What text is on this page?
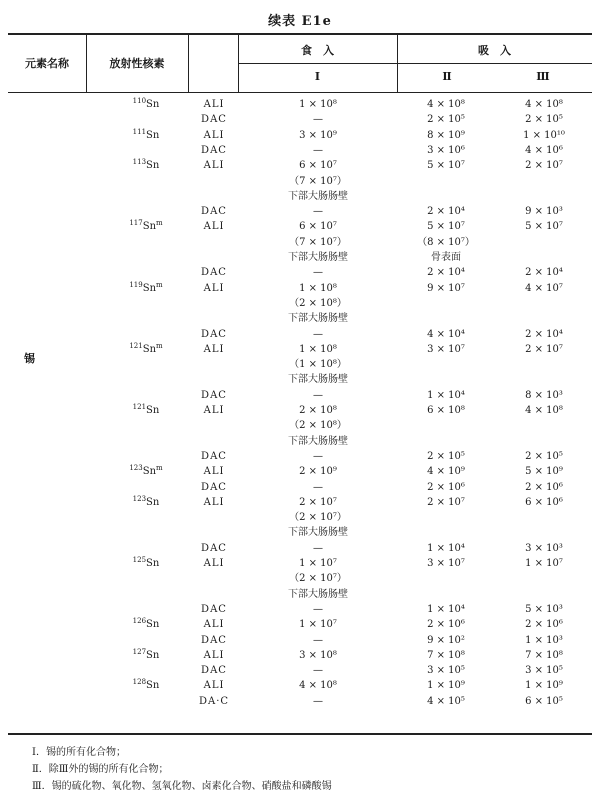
续表 E1e
元素名称	放射性核素
食　入	吸　入
Ⅰ	Ⅱ	Ⅲ
锡
$^{110}$Sn	ALI	1 × 10⁸	4 × 10⁸	4 × 10⁸
DAC	—	2 × 10⁵	2 × 10⁵
$^{111}$Sn	ALI	3 × 10⁹	8 × 10⁹	1 × 10¹⁰
DAC	—	3 × 10⁶	4 × 10⁶
$^{113}$Sn	ALI	6 × 10⁷	5 × 10⁷	2 × 10⁷
（7 × 10⁷）
下部大肠肠壁
DAC	—	2 × 10⁴	9 × 10³
$^{117}$Sn$^m$	ALI	6 × 10⁷	5 × 10⁷	5 × 10⁷
（7 × 10⁷）	（8 × 10⁷）
下部大肠肠壁	骨表面
DAC	—	2 × 10⁴	2 × 10⁴
$^{119}$Sn$^m$	ALI	1 × 10⁸	9 × 10⁷	4 × 10⁷
（2 × 10⁸）
下部大肠肠壁
DAC	—	4 × 10⁴	2 × 10⁴
$^{121}$Sn$^m$	ALI	1 × 10⁸	3 × 10⁷	2 × 10⁷
（1 × 10⁸）
下部大肠肠壁
DAC	—	1 × 10⁴	8 × 10³
$^{121}$Sn	ALI	2 × 10⁸	6 × 10⁸	4 × 10⁸
（2 × 10⁸）
下部大肠肠壁
DAC	—	2 × 10⁵	2 × 10⁵
$^{123}$Sn$^m$	ALI	2 × 10⁹	4 × 10⁹	5 × 10⁹
DAC	—	2 × 10⁶	2 × 10⁶
$^{123}$Sn	ALI	2 × 10⁷	2 × 10⁷	6 × 10⁶
（2 × 10⁷）
下部大肠肠壁
DAC	—	1 × 10⁴	3 × 10³
$^{125}$Sn	ALI	1 × 10⁷	3 × 10⁷	1 × 10⁷
（2 × 10⁷）
下部大肠肠壁
DAC	—	1 × 10⁴	5 × 10³
$^{126}$Sn	ALI	1 × 10⁷	2 × 10⁶	2 × 10⁶
DAC	—	9 × 10²	1 × 10³
$^{127}$Sn	ALI	3 × 10⁸	7 × 10⁸	7 × 10⁸
DAC	—	3 × 10⁵	3 × 10⁵
$^{128}$Sn	ALI	4 × 10⁸	1 × 10⁹	1 × 10⁹
DA·C	—	4 × 10⁵	6 × 10⁵
Ⅰ．锡的所有化合物；
Ⅱ．除Ⅲ外的锡的所有化合物；
Ⅲ．锡的硫化物、氧化物、氢氧化物、卤素化合物、硝酸盐和磷酸锡
